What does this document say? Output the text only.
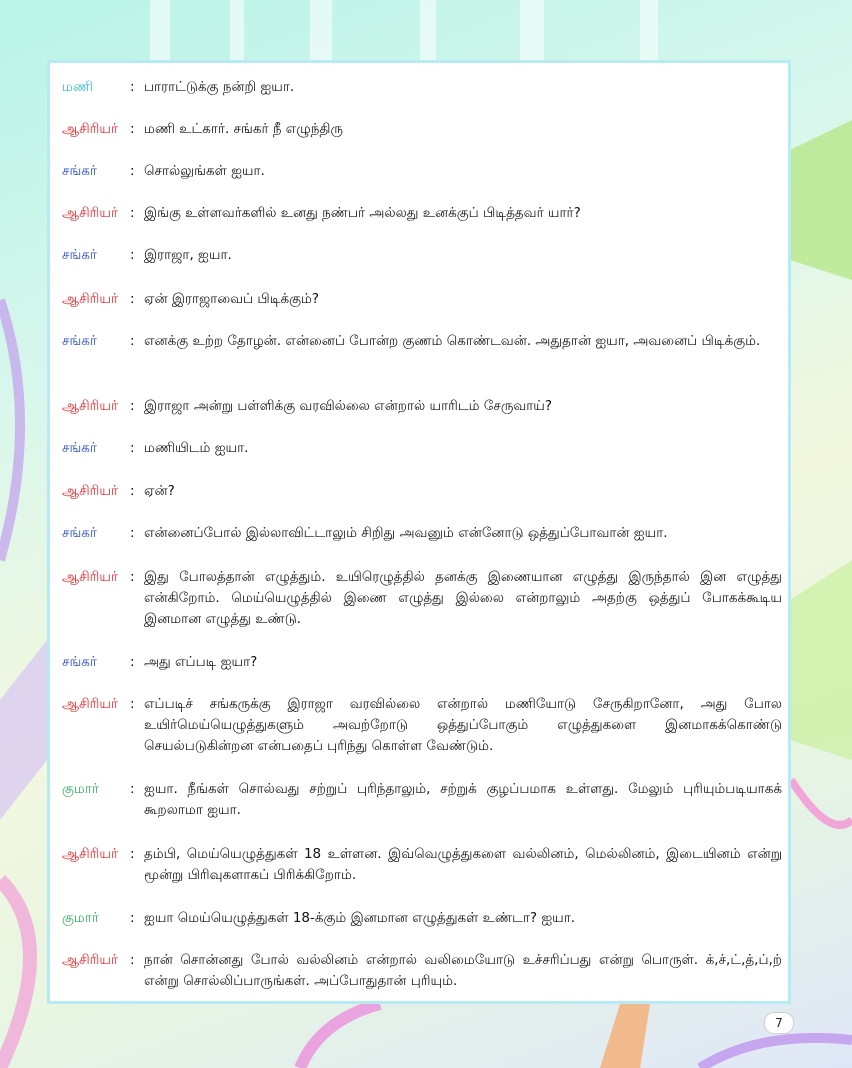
மணி	: பாராட்டுக்கு நன்றி ஐயா.
ஆசிரியர் : மணி உட்கார். சங்கர் நீ எழுந்திரு
சங்கர்	: சொல்லுங்கள் ஐயா.
ஆசிரியர் : இங்கு உள்ளவர்களில் உனது நண்பர் அல்லது உனக்குப் பிடித்தவர் யார்?
சங்கர்	: இராஜா, ஐயா.
ஆசிரியர் : ஏன் இராஜாவைப் பிடிக்கும்?
சங்கர்	: எனக்கு உற்ற தோழன். என்னைப் போன்ற குணம் கொண்டவன். அதுதான் ஐயா, அவனைப் பிடிக்கும்.
ஆசிரியர் : இராஜா அன்று பள்ளிக்கு வரவில்லை என்றால் யாரிடம் சேருவாய்?
சங்கர்	: மணியிடம் ஐயா.
ஆசிரியர் : ஏன்?
சங்கர்	: என்னைப்போல் இல்லாவிட்டாலும் சிறிது அவனும் என்னோடு ஒத்துப்போவான் ஐயா.
ஆசிரியர் : இது போலத்தான் எழுத்தும். உயிரெழுத்தில் தனக்கு இணையான எழுத்து இருந்தால் இன எழுத்து என்கிறோம். மெய்யெழுத்தில் இணை எழுத்து இல்லை என்றாலும் அதற்கு ஒத்துப் போகக்கூடிய இனமான எழுத்து உண்டு.
சங்கர்	: அது எப்படி ஐயா?
ஆசிரியர் : எப்படிச் சங்கருக்கு இராஜா வரவில்லை என்றால் மணியோடு சேருகிறானோ, அது போல உயிர்மெய்யெழுத்துகளும் அவற்றோடு ஒத்துப்போகும் எழுத்துகளை இனமாகக்கொண்டு செயல்படுகின்றன என்பதைப் புரிந்து கொள்ள வேண்டும்.
குமார்	: ஐயா. நீங்கள் சொல்வது சற்றுப் புரிந்தாலும், சற்றுக் குழப்பமாக உள்ளது. மேலும் புரியும்படியாகக் கூறலாமா ஐயா.
ஆசிரியர் : தம்பி, மெய்யெழுத்துகள் 18 உள்ளன. இவ்வெழுத்துகளை வல்லினம், மெல்லினம், இடையினம் என்று மூன்று பிரிவுகளாகப் பிரிக்கிறோம்.
குமார்	: ஐயா மெய்யெழுத்துகள் 18-க்கும் இனமான எழுத்துகள் உண்டா? ஐயா.
ஆசிரியர் : நான் சொன்னது போல் வல்லினம் என்றால் வலிமையோடு உச்சரிப்பது என்று பொருள். க்,ச்,ட்,த்,ப்,ற் என்று சொல்லிப்பாருங்கள். அப்போதுதான் புரியும்.
7
